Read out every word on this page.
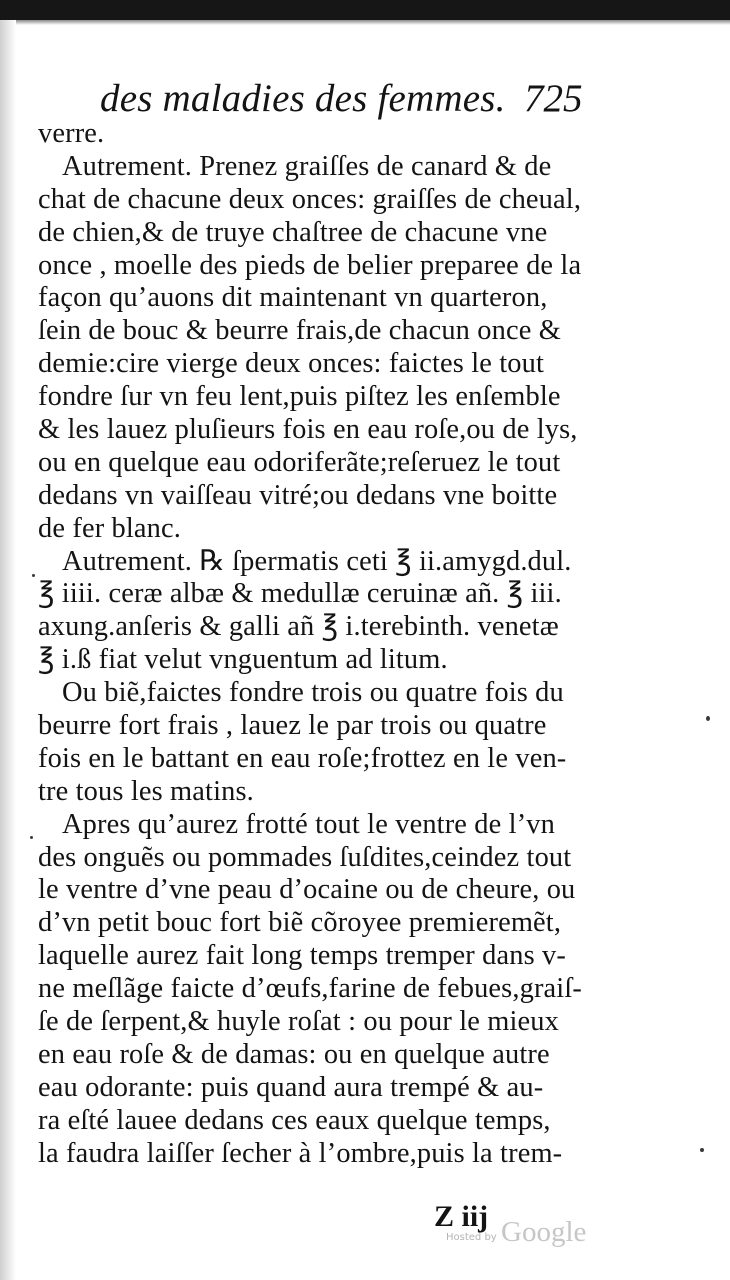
des maladies des femmes. 725
verre.
Autrement. Prenez graiſſes de canard & de
chat de chacune deux onces: graiſſes de cheual,
de chien,& de truye chaſtree de chacune vne
once , moelle des pieds de belier preparee de la
façon qu’auons dit maintenant vn quarteron,
ſein de bouc & beurre frais,de chacun once &
demie:cire vierge deux onces: faictes le tout
fondre ſur vn feu lent,puis piſtez les enſemble
& les lauez pluſieurs fois en eau roſe,ou de lys,
ou en quelque eau odoriferãte;reſeruez le tout
dedans vn vaiſſeau vitré;ou dedans vne boitte
de fer blanc.
Autrement. ℞ ſpermatis ceti ℥ ii.amygd.dul.
℥ iiii. ceræ albæ & medullæ ceruinæ añ. ℥ iii.
axung.anſeris & galli añ ℥ i.terebinth. venetæ
℥ i.ß fiat velut vnguentum ad litum.
Ou biẽ,faictes fondre trois ou quatre fois du
beurre fort frais , lauez le par trois ou quatre
fois en le battant en eau roſe;frottez en le ven-
tre tous les matins.
Apres qu’aurez frotté tout le ventre de l’vn
des onguẽs ou pommades ſuſdites,ceindez tout
le ventre d’vne peau d’ocaine ou de cheure, ou
d’vn petit bouc fort biẽ cõroyee premieremẽt,
laquelle aurez fait long temps tremper dans v-
ne meſlãge faicte d’œufs,farine de febues,graiſ-
ſe de ſerpent,& huyle roſat : ou pour le mieux
en eau roſe & de damas: ou en quelque autre
eau odorante: puis quand aura trempé & au-
ra eſté lauee dedans ces eaux quelque temps,
la faudra laiſſer ſecher à l’ombre,puis la trem-
Z iij
Hosted by Google
